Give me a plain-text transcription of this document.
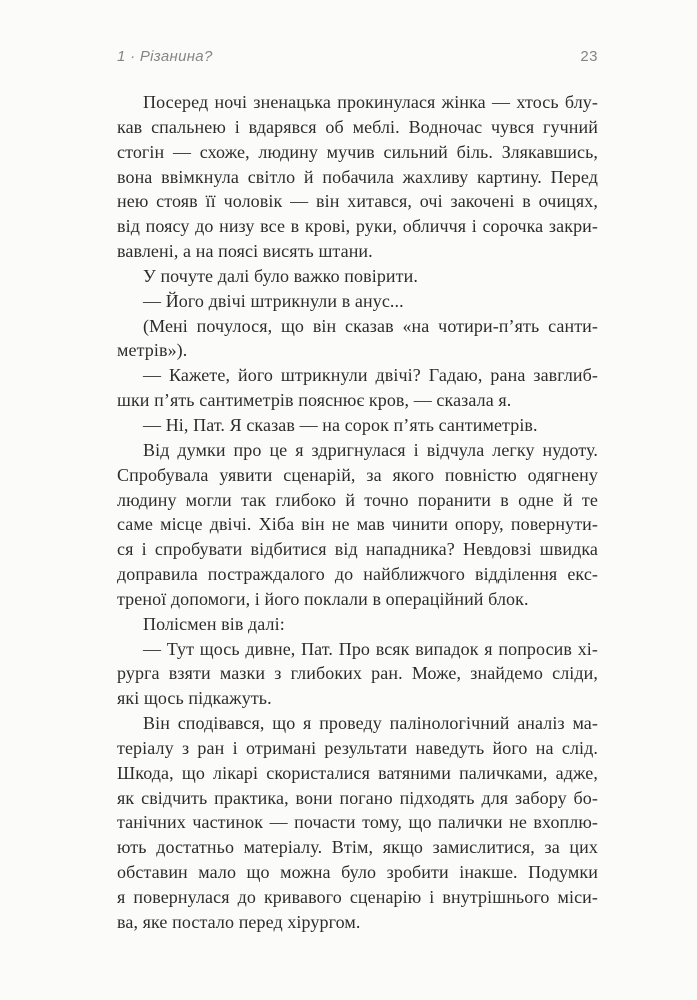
1 · Різанина?	23
Посеред ночі зненацька прокинулася жінка — хтось блу-
кав спальнею і вдарявся об меблі. Водночас чувся гучний
стогін — схоже, людину мучив сильний біль. Злякавшись,
вона ввімкнула світло й побачила жахливу картину. Перед
нею стояв її чоловік — він хитався, очі закочені в очицях,
від поясу до низу все в крові, руки, обличчя і сорочка закри-
вавлені, а на поясі висять штани.
У почуте далі було важко повірити.
— Його двічі штрикнули в анус...
(Мені почулося, що він сказав «на чотири-п’ять санти-
метрів»).
— Кажете, його штрикнули двічі? Гадаю, рана завглиб-
шки п’ять сантиметрів пояснює кров, — сказала я.
— Ні, Пат. Я сказав — на сорок п’ять сантиметрів.
Від думки про це я здригнулася і відчула легку нудоту.
Спробувала уявити сценарій, за якого повністю одягнену
людину могли так глибоко й точно поранити в одне й те
саме місце двічі. Хіба він не мав чинити опору, повернути-
ся і спробувати відбитися від нападника? Невдовзі швидка
доправила постраждалого до найближчого відділення екс-
треної допомоги, і його поклали в операційний блок.
Полісмен вів далі:
— Тут щось дивне, Пат. Про всяк випадок я попросив хі-
рурга взяти мазки з глибоких ран. Може, знайдемо сліди,
які щось підкажуть.
Він сподівався, що я проведу палінологічний аналіз ма-
теріалу з ран і отримані результати наведуть його на слід.
Шкода, що лікарі скористалися ватяними паличками, адже,
як свідчить практика, вони погано підходять для забору бо-
танічних частинок — почасти тому, що палички не вхоплю-
ють достатньо матеріалу. Втім, якщо замислитися, за цих
обставин мало що можна було зробити інакше. Подумки
я повернулася до кривавого сценарію і внутрішнього міси-
ва, яке постало перед хірургом.
